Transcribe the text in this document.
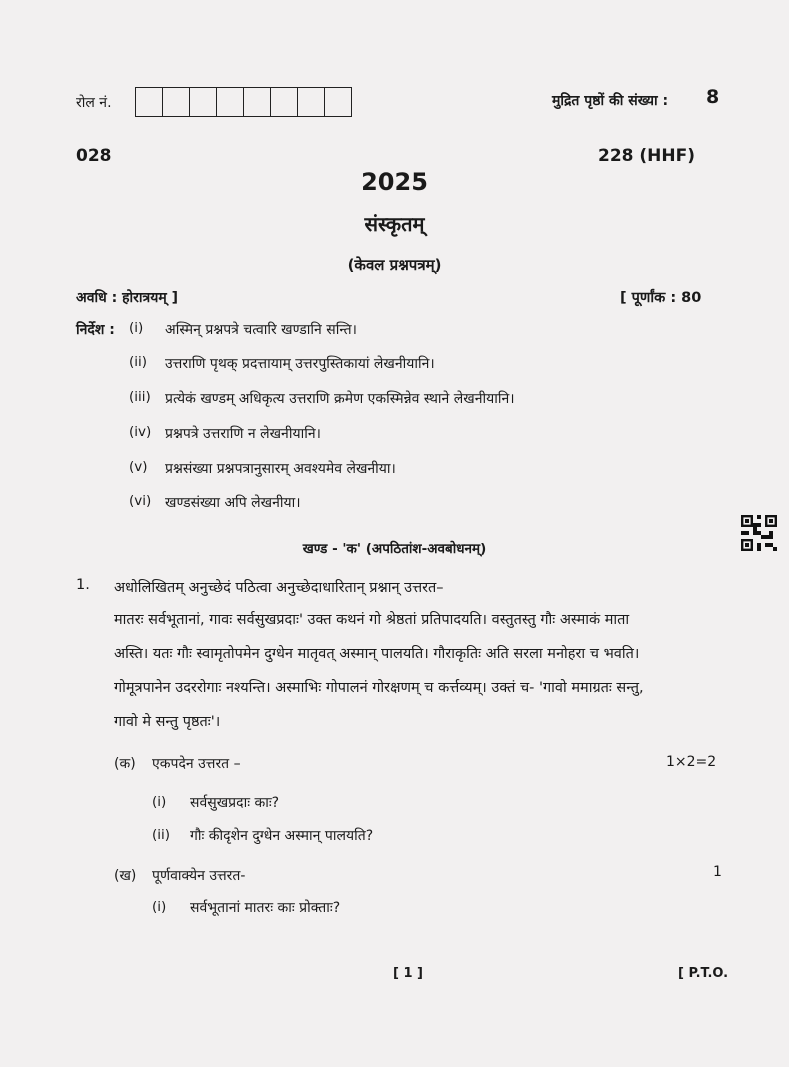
रोल नं.	मुद्रित पृष्ठों की संख्या : 8
028	228 (HHF)
2025
संस्कृतम्
(केवल प्रश्नपत्रम्)
अवधि : होरात्रयम् ]	[ पूर्णांक : 80
निर्देश : (i) अस्मिन् प्रश्नपत्रे चत्वारि खण्डानि सन्ति।
(ii) उत्तराणि पृथक् प्रदत्तायाम् उत्तरपुस्तिकायां लेखनीयानि।
(iii) प्रत्येकं खण्डम् अधिकृत्य उत्तराणि क्रमेण एकस्मिन्नेव स्थाने लेखनीयानि।
(iv) प्रश्नपत्रे उत्तराणि न लेखनीयानि।
(v) प्रश्नसंख्या प्रश्नपत्रानुसारम् अवश्यमेव लेखनीया।
(vi) खण्डसंख्या अपि लेखनीया।
खण्ड - 'क' (अपठितांश-अवबोधनम्)
1. अधोलिखितम् अनुच्छेदं पठित्वा अनुच्छेदाधारितान् प्रश्नान् उत्तरत–
मातरः सर्वभूतानां, गावः सर्वसुखप्रदाः' उक्त कथनं गो श्रेष्ठतां प्रतिपादयति। वस्तुतस्तु गौः अस्माकं माता
अस्ति। यतः गौः स्वामृतोपमेन दुग्धेन मातृवत् अस्मान् पालयति। गौराकृतिः अति सरला मनोहरा च भवति।
गोमूत्रपानेन उदररोगाः नश्यन्ति। अस्माभिः गोपालनं गोरक्षणम् च कर्त्तव्यम्। उक्तं च- 'गावो ममाग्रतः सन्तु,
गावो मे सन्तु पृष्ठतः'।
(क) एकपदेन उत्तरत –	1×2=2
(i) सर्वसुखप्रदाः काः?
(ii) गौः कीदृशेन दुग्धेन अस्मान् पालयति?
(ख) पूर्णवाक्येन उत्तरत-	1
(i) सर्वभूतानां मातरः काः प्रोक्ताः?
[ 1 ]	[ P.T.O.
